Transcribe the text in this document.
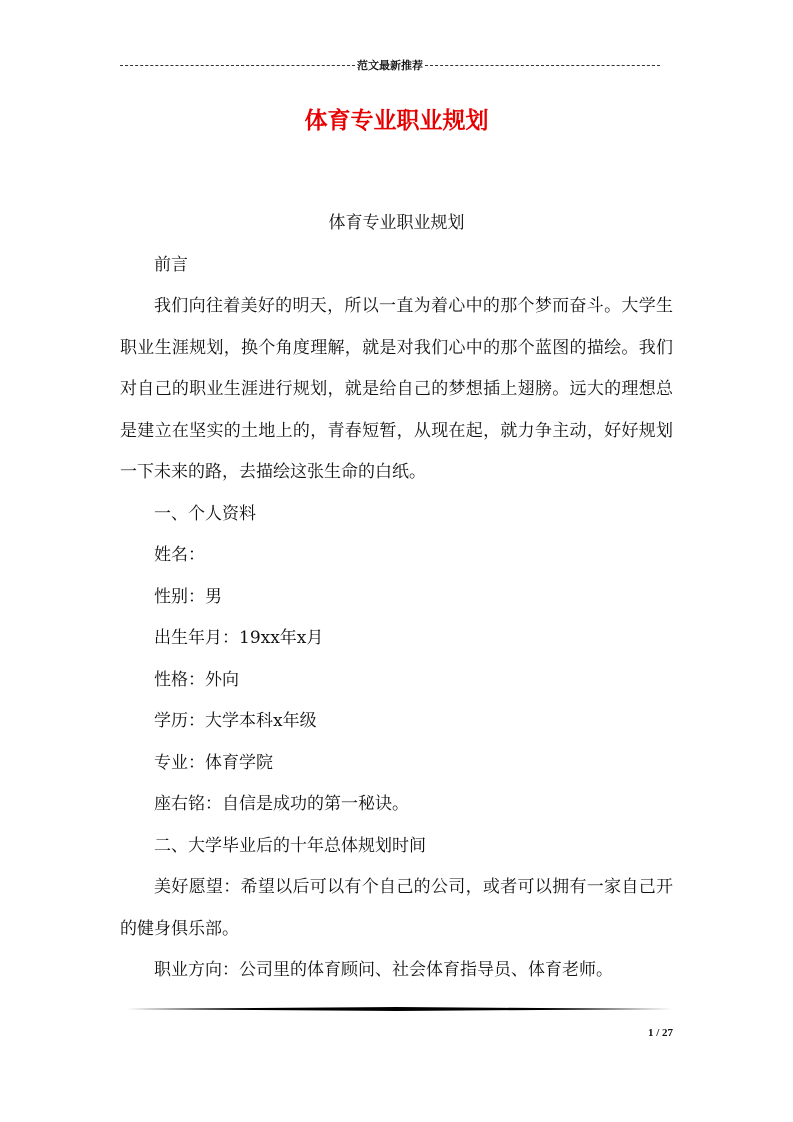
范文最新推荐
体育专业职业规划

体育专业职业规划

前言

我们向往着美好的明天，所以一直为着心中的那个梦而奋斗。大学生职业生涯规划，换个角度理解，就是对我们心中的那个蓝图的描绘。我们对自己的职业生涯进行规划，就是给自己的梦想插上翅膀。远大的理想总是建立在坚实的土地上的，青春短暂，从现在起，就力争主动，好好规划一下未来的路，去描绘这张生命的白纸。

一、个人资料

姓名：

性别：男

出生年月：19xx年x月

性格：外向

学历：大学本科x年级

专业：体育学院

座右铭：自信是成功的第一秘诀。

二、大学毕业后的十年总体规划时间

美好愿望：希望以后可以有个自己的公司，或者可以拥有一家自己开的健身俱乐部。

职业方向：公司里的体育顾问、社会体育指导员、体育老师。

1 / 27
